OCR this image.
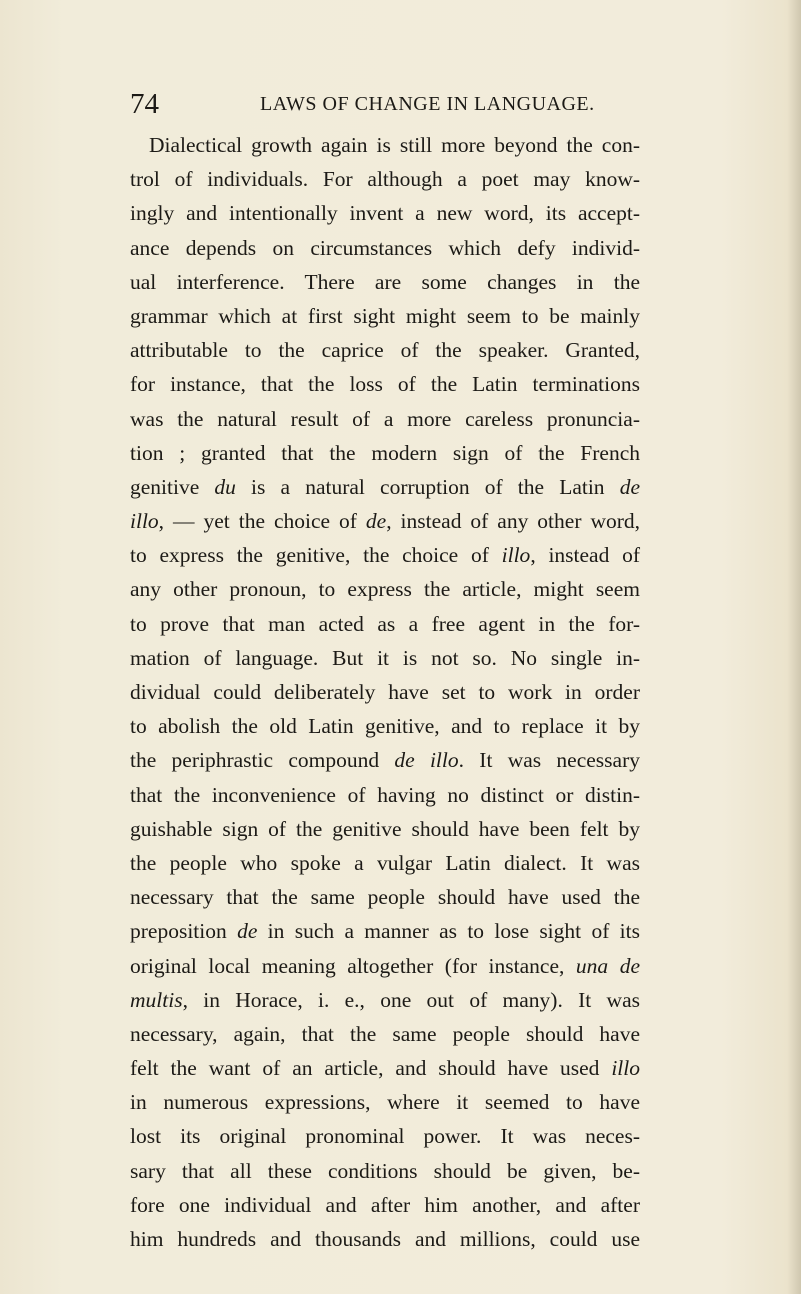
74	LAWS OF CHANGE IN LANGUAGE.
Dialectical growth again is still more beyond the con-
trol of individuals. For although a poet may know-
ingly and intentionally invent a new word, its accept-
ance depends on circumstances which defy individ-
ual interference. There are some changes in the
grammar which at first sight might seem to be mainly
attributable to the caprice of the speaker. Granted,
for instance, that the loss of the Latin terminations
was the natural result of a more careless pronuncia-
tion ; granted that the modern sign of the French
genitive du is a natural corruption of the Latin de
illo, — yet the choice of de, instead of any other word,
to express the genitive, the choice of illo, instead of
any other pronoun, to express the article, might seem
to prove that man acted as a free agent in the for-
mation of language. But it is not so. No single in-
dividual could deliberately have set to work in order
to abolish the old Latin genitive, and to replace it by
the periphrastic compound de illo. It was necessary
that the inconvenience of having no distinct or distin-
guishable sign of the genitive should have been felt by
the people who spoke a vulgar Latin dialect. It was
necessary that the same people should have used the
preposition de in such a manner as to lose sight of its
original local meaning altogether (for instance, una de
multis, in Horace, i. e., one out of many). It was
necessary, again, that the same people should have
felt the want of an article, and should have used illo
in numerous expressions, where it seemed to have
lost its original pronominal power. It was neces-
sary that all these conditions should be given, be-
fore one individual and after him another, and after
him hundreds and thousands and millions, could use
